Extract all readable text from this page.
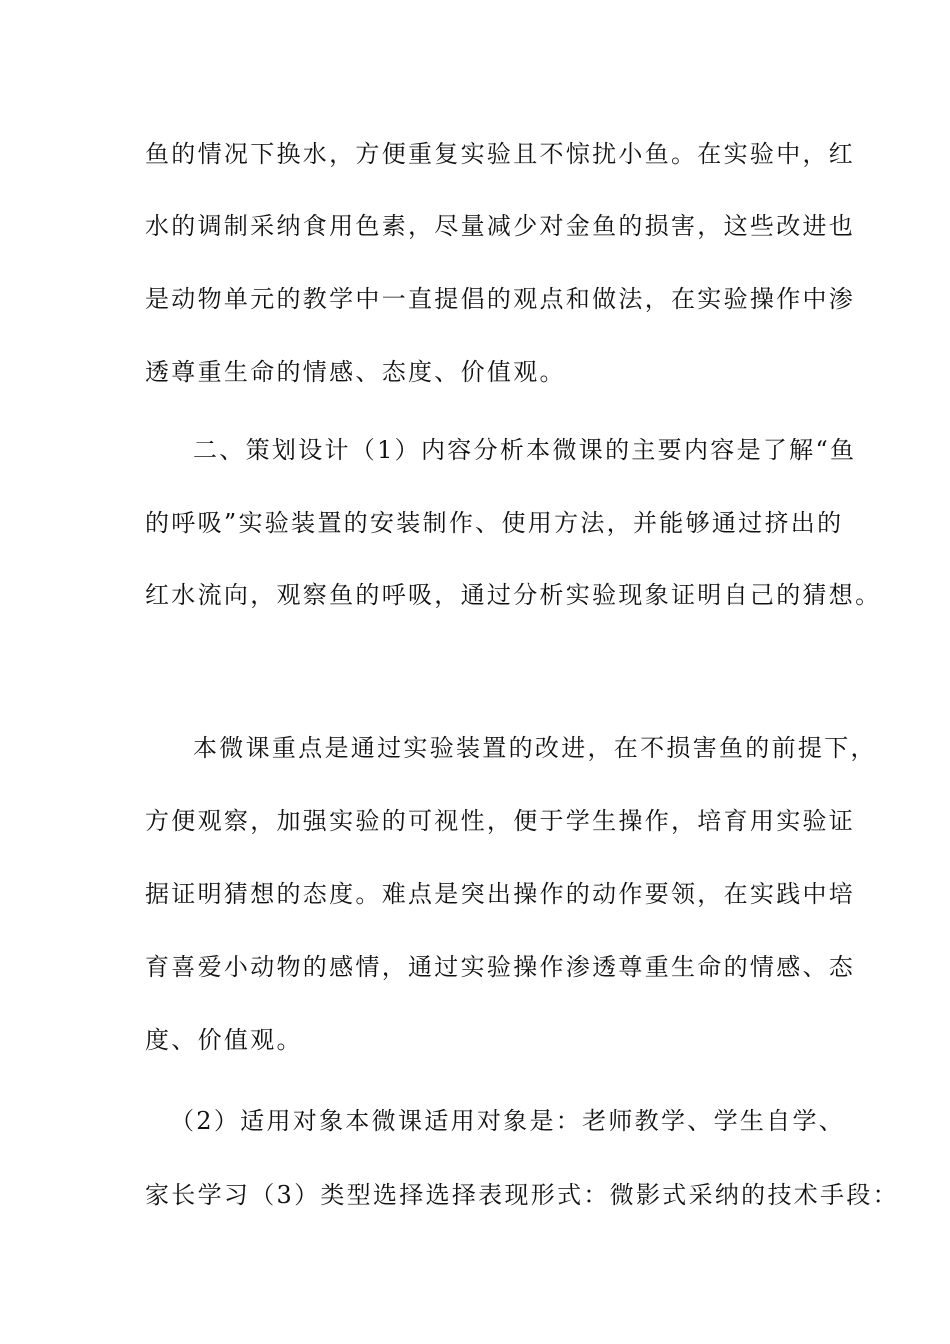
鱼的情况下换水，方便重复实验且不惊扰小鱼。在实验中，红
水的调制采纳食用色素，尽量减少对金鱼的损害，这些改进也
是动物单元的教学中一直提倡的观点和做法，在实验操作中渗
透尊重生命的情感、态度、价值观。
二、策划设计（1）内容分析本微课的主要内容是了解“鱼
的呼吸”实验装置的安装制作、使用方法，并能够通过挤出的
红水流向，观察鱼的呼吸，通过分析实验现象证明自己的猜想。
本微课重点是通过实验装置的改进，在不损害鱼的前提下，
方便观察，加强实验的可视性，便于学生操作，培育用实验证
据证明猜想的态度。难点是突出操作的动作要领，在实践中培
育喜爱小动物的感情，通过实验操作渗透尊重生命的情感、态
度、价值观。
（2）适用对象本微课适用对象是：老师教学、学生自学、
家长学习（3）类型选择选择表现形式：微影式采纳的技术手段：
